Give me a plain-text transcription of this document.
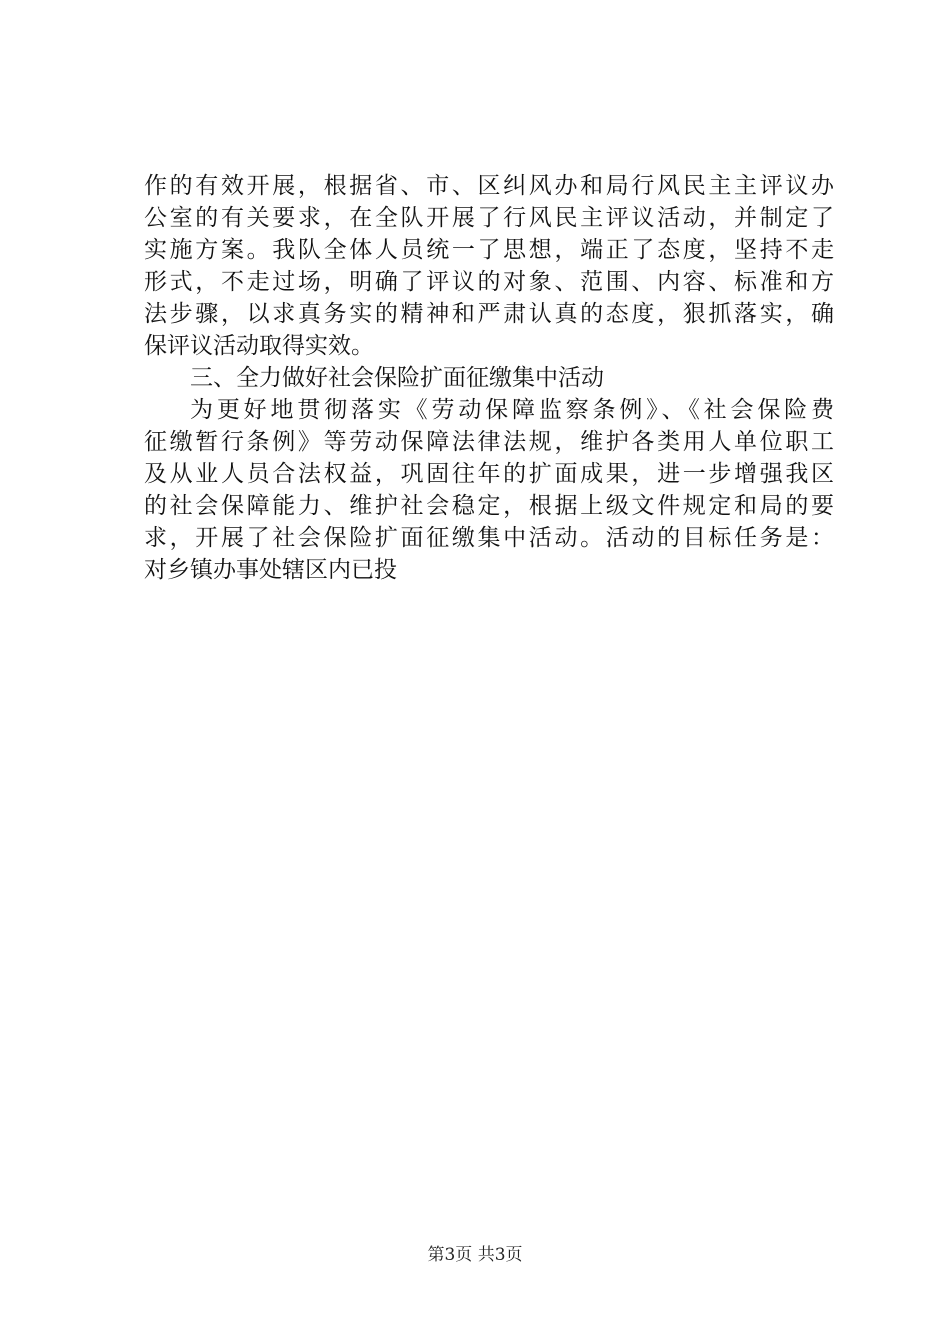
作的有效开展，根据省、市、区纠风办和局行风民主主评议办
公室的有关要求，在全队开展了行风民主评议活动，并制定了
实施方案。我队全体人员统一了思想，端正了态度，坚持不走
形式，不走过场，明确了评议的对象、范围、内容、标准和方
法步骤，以求真务实的精神和严肃认真的态度，狠抓落实，确
保评议活动取得实效。
三、全力做好社会保险扩面征缴集中活动
为更好地贯彻落实《劳动保障监察条例》、《社会保险费
征缴暂行条例》等劳动保障法律法规，维护各类用人单位职工
及从业人员合法权益，巩固往年的扩面成果，进一步增强我区
的社会保障能力、维护社会稳定，根据上级文件规定和局的要
求，开展了社会保险扩面征缴集中活动。活动的目标任务是：
对乡镇办事处辖区内已投
第3页 共3页
